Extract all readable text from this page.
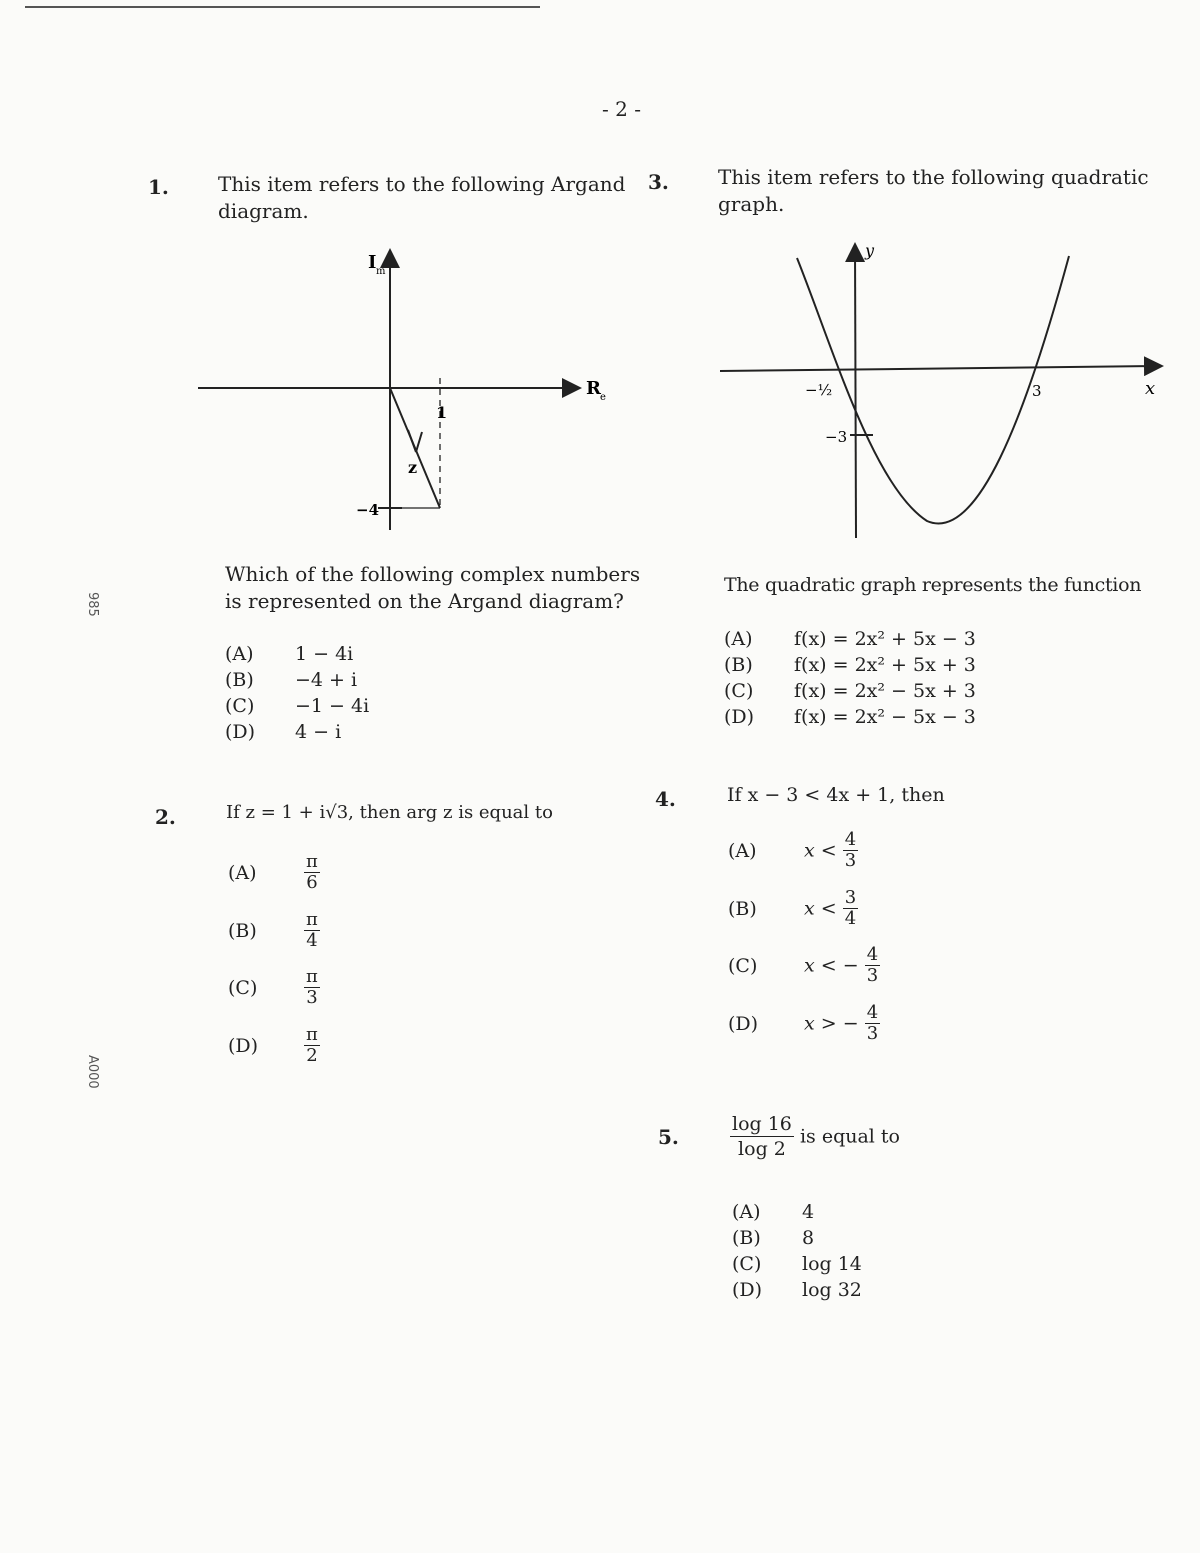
- 2 -
985
A000
1. This item refers to the following Argand
diagram.
I m
R e
1
−4
z
Which of the following complex numbers
is represented on the Argand diagram?
(A) 1 − 4i
(B) −4 + i
(C) −1 − 4i
(D) 4 − i
2.	If z = 1 + i√3, then arg z is equal to
(A)	$\frac{\pi}{6}$
(B)	$\frac{\pi}{4}$
(C)	$\frac{\pi}{3}$
(D)	$\frac{\pi}{2}$
3. This item refers to the following quadratic
graph.
y
x
−½	3
−3
The quadratic graph represents the function
(A) f(x) = 2x² + 5x − 3
(B) f(x) = 2x² + 5x + 3
(C) f(x) = 2x² − 5x + 3
(D) f(x) = 2x² − 5x − 3
4.	If x − 3 < 4x + 1, then
(A)	$x < \frac{4}{3}$
(B) $x < \frac{3}{4}$
(C) x < − $\frac{4}{3}$
(D) x > − $\frac{4}{3}$
5.	$\frac{\log 16}{\log 2}$ is equal to
(A) 4
(B) 8
(C) log 14
(D) log 32
